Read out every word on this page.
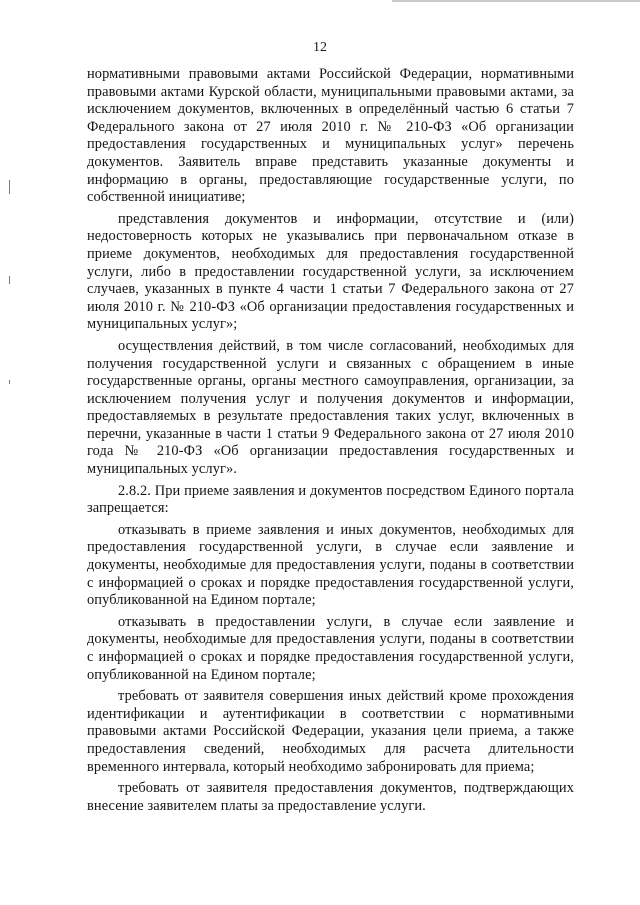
12

нормативными правовыми актами Российской Федерации, нормативными правовыми актами Курской области, муниципальными правовыми актами, за исключением документов, включенных в определённый частью 6 статьи 7 Федерального закона от 27 июля 2010 г. № 210-ФЗ «Об организации предоставления государственных и муниципальных услуг» перечень документов. Заявитель вправе представить указанные документы и информацию в органы, предоставляющие государственные услуги, по собственной инициативе;

представления документов и информации, отсутствие и (или) недостоверность которых не указывались при первоначальном отказе в приеме документов, необходимых для предоставления государственной услуги, либо в предоставлении государственной услуги, за исключением случаев, указанных в пункте 4 части 1 статьи 7 Федерального закона от 27 июля 2010 г. № 210-ФЗ «Об организации предоставления государственных и муниципальных услуг»;

осуществления действий, в том числе согласований, необходимых для получения государственной услуги и связанных с обращением в иные государственные органы, органы местного самоуправления, организации, за исключением получения услуг и получения документов и информации, предоставляемых в результате предоставления таких услуг, включенных в перечни, указанные в части 1 статьи 9 Федерального закона от 27 июля 2010 года № 210-ФЗ «Об организации предоставления государственных и муниципальных услуг».

2.8.2. При приеме заявления и документов посредством Единого портала запрещается:

отказывать в приеме заявления и иных документов, необходимых для предоставления государственной услуги, в случае если заявление и документы, необходимые для предоставления услуги, поданы в соответствии с информацией о сроках и порядке предоставления государственной услуги, опубликованной на Едином портале;

отказывать в предоставлении услуги, в случае если заявление и документы, необходимые для предоставления услуги, поданы в соответствии с информацией о сроках и порядке предоставления государственной услуги, опубликованной на Едином портале;

требовать от заявителя совершения иных действий кроме прохождения идентификации и аутентификации в соответствии с нормативными правовыми актами Российской Федерации, указания цели приема, а также предоставления сведений, необходимых для расчета длительности временного интервала, который необходимо забронировать для приема;

требовать от заявителя предоставления документов, подтверждающих внесение заявителем платы за предоставление услуги.
